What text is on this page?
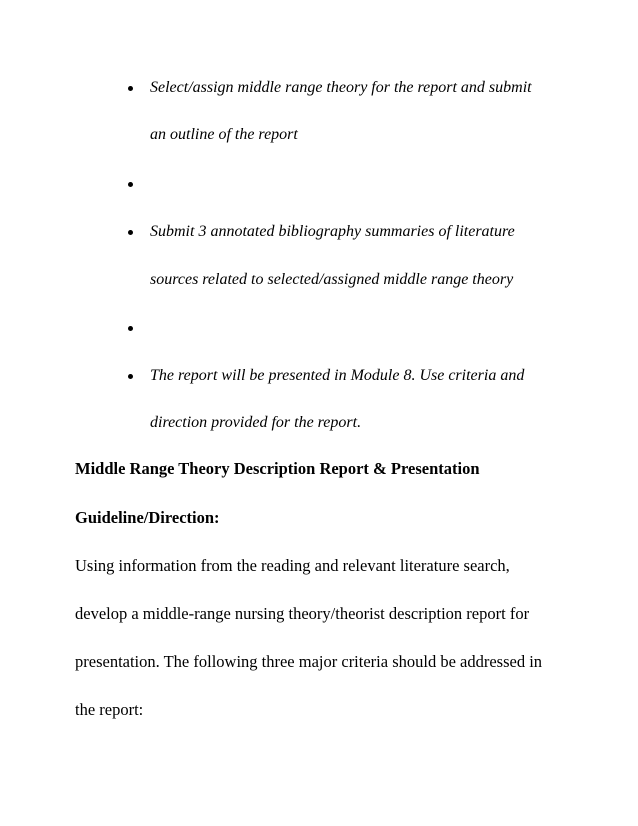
Select/assign middle range theory for the report and submit
an outline of the report
Submit 3 annotated bibliography summaries of literature
sources related to selected/assigned middle range theory
The report will be presented in Module 8. Use criteria and
direction provided for the report.
Middle Range Theory Description Report & Presentation
Guideline/Direction:
Using information from the reading and relevant literature search,
develop a middle-range nursing theory/theorist description report for
presentation. The following three major criteria should be addressed in
the report:
